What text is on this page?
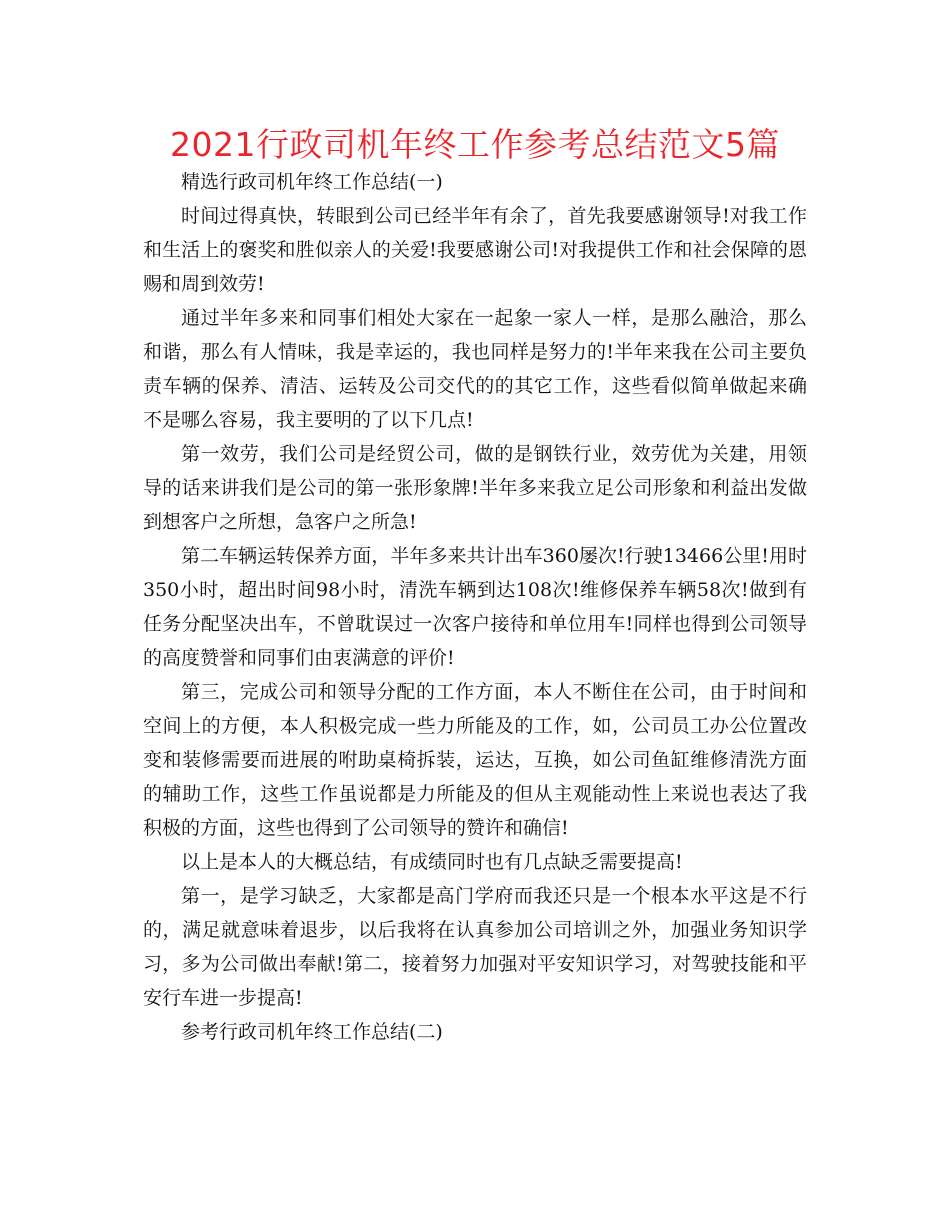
2021行政司机年终工作参考总结范文5篇

精选行政司机年终工作总结(一)

时间过得真快，转眼到公司已经半年有余了，首先我要感谢领导!对我工作和生活上的褒奖和胜似亲人的关爱!我要感谢公司!对我提供工作和社会保障的恩赐和周到效劳!

通过半年多来和同事们相处大家在一起象一家人一样，是那么融洽，那么和谐，那么有人情味，我是幸运的，我也同样是努力的!半年来我在公司主要负责车辆的保养、清洁、运转及公司交代的的其它工作，这些看似简单做起来确不是哪么容易，我主要明的了以下几点!

第一效劳，我们公司是经贸公司，做的是钢铁行业，效劳优为关建，用领导的话来讲我们是公司的第一张形象牌!半年多来我立足公司形象和利益出发做到想客户之所想，急客户之所急!

第二车辆运转保养方面，半年多来共计出车360屡次!行驶13466公里!用时350小时，超出时间98小时，清洗车辆到达108次!维修保养车辆58次!做到有任务分配坚决出车，不曾耽误过一次客户接待和单位用车!同样也得到公司领导的高度赞誉和同事们由衷满意的评价!

第三，完成公司和领导分配的工作方面，本人不断住在公司，由于时间和空间上的方便，本人积极完成一些力所能及的工作，如，公司员工办公位置改变和装修需要而进展的咐助桌椅拆装，运达，互换，如公司鱼缸维修清洗方面的辅助工作，这些工作虽说都是力所能及的但从主观能动性上来说也表达了我积极的方面，这些也得到了公司领导的赞许和确信!

以上是本人的大概总结，有成绩同时也有几点缺乏需要提高!

第一，是学习缺乏，大家都是高门学府而我还只是一个根本水平这是不行的，满足就意味着退步，以后我将在认真参加公司培训之外，加强业务知识学习，多为公司做出奉献!第二，接着努力加强对平安知识学习，对驾驶技能和平安行车进一步提高!

参考行政司机年终工作总结(二)
